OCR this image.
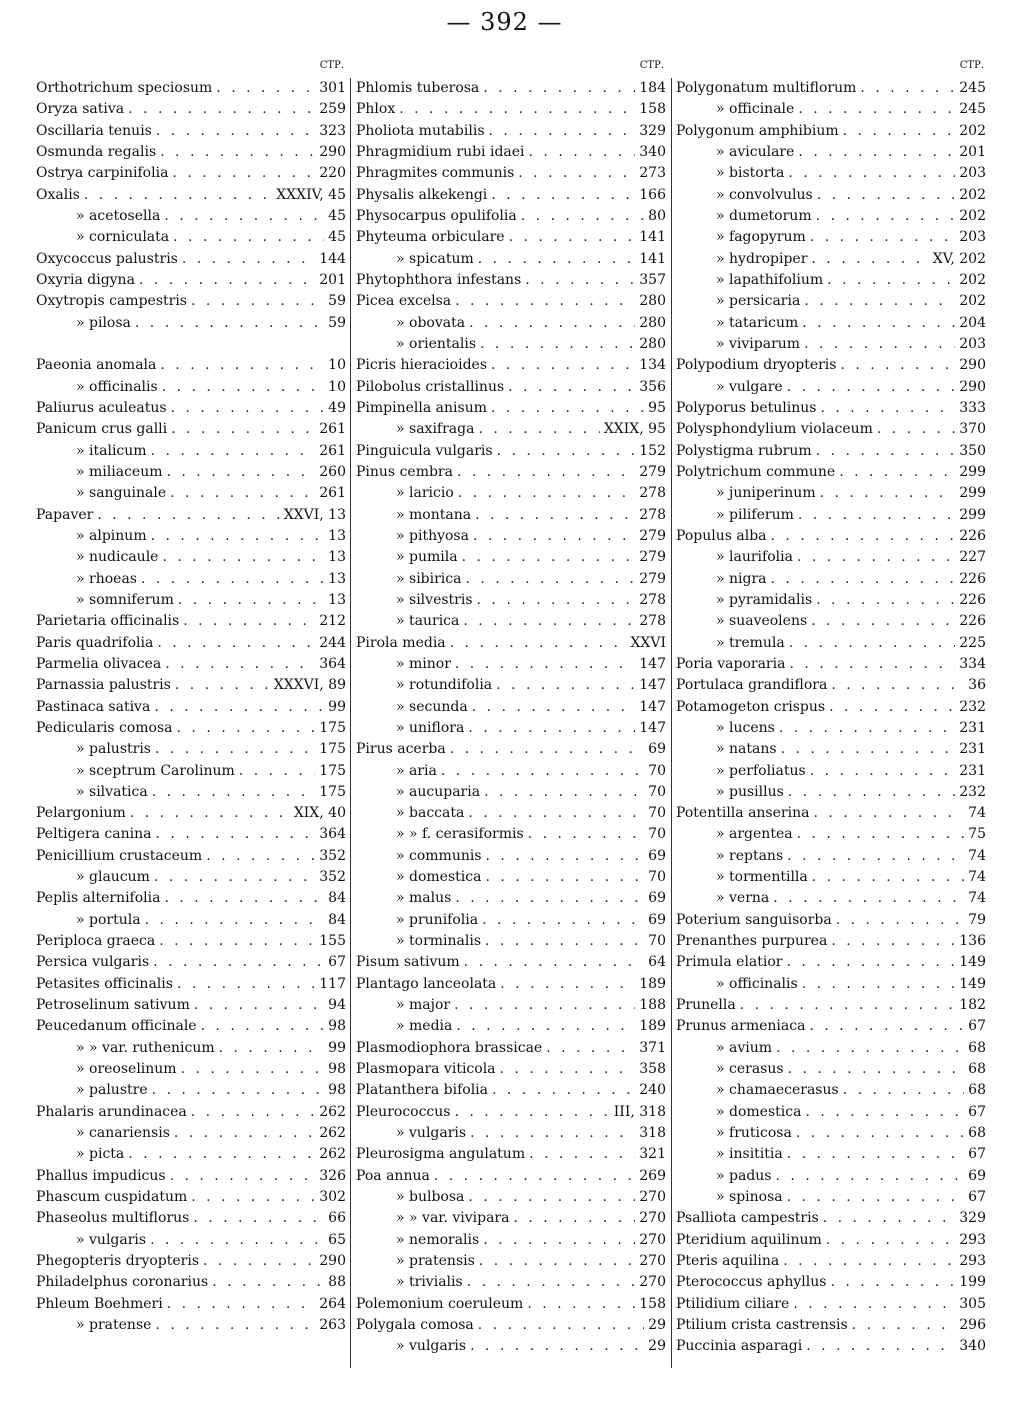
— 392 —
СТР.
Orthotrichum speciosum . . .	301
Oryza sativa . . .	259
Oscillaria tenuis . . .	323
Osmunda regalis . . .	290
Ostrya carpinifolia . . .	220
Oxalis . . .	XXXIV, 45
» acetosella . . .	45
» corniculata . . .	45
Oxycoccus palustris . . .	144
Oxyria digyna . . .	201
Oxytropis campestris . . .	59
» pilosa . . .	59
Paeonia anomala . . .	10
» officinalis . . .	10
Paliurus aculeatus . . .	49
Panicum crus galli . . .	261
» italicum . . .	261
» miliaceum . . .	260
» sanguinale . . .	261
Papaver . . .	XXVI, 13
» alpinum . . .	13
» nudicaule . . .	13
» rhoeas . . .	13
» somniferum . . .	13
Parietaria officinalis . . .	212
Paris quadrifolia . . .	244
Parmelia olivacea . . .	364
Parnassia palustris . . .	XXXVI, 89
Pastinaca sativa . . .	99
Pedicularis comosa . . .	175
» palustris . . .	175
» sceptrum Carolinum . . .	175
» silvatica . . .	175
Pelargonium . . .	XIX, 40
Peltigera canina . . .	364
Penicillium crustaceum . . .	352
» glaucum . . .	352
Peplis alternifolia . . .	84
» portula . . .	84
Periploca graeca . . .	155
Persica vulgaris . . .	67
Petasites officinalis . . .	117
Petroselinum sativum . . .	94
Peucedanum officinale . . .	98
» » var. ruthenicum . . .	99
» oreoselinum . . .	98
» palustre . . .	98
Phalaris arundinacea . . .	262
» canariensis . . .	262
» picta . . .	262
Phallus impudicus . . .	326
Phascum cuspidatum . . .	302
Phaseolus multiflorus . . .	66
» vulgaris . . .	65
Phegopteris dryopteris . . .	290
Philadelphus coronarius . . .	88
Phleum Boehmeri . . .	264
» pratense . . .	263
СТР.
Phlomis tuberosa . . .	184
Phlox . . .	158
Pholiota mutabilis . . .	329
Phragmidium rubi idaei . . .	340
Phragmites communis . . .	273
Physalis alkekengi . . .	166
Physocarpus opulifolia . . .	80
Phyteuma orbiculare . . .	141
» spicatum . . .	141
Phytophthora infestans . . .	357
Picea excelsa . . .	280
» obovata . . .	280
» orientalis . . .	280
Picris hieracioides . . .	134
Pilobolus cristallinus . . .	356
Pimpinella anisum . . .	95
» saxifraga . . .	XXIX, 95
Pinguicula vulgaris . . .	152
Pinus cembra . . .	279
» laricio . . .	278
» montana . . .	278
» pithyosa . . .	279
» pumila . . .	279
» sibirica . . .	279
» silvestris . . .	278
» taurica . . .	278
Pirola media . . .	XXVI
» minor . . .	147
» rotundifolia . . .	147
» secunda . . .	147
» uniflora . . .	147
Pirus acerba . . .	69
» aria . . .	70
» aucuparia . . .	70
» baccata . . .	70
» » f. cerasiformis . . .	70
» communis . . .	69
» domestica . . .	70
» malus . . .	69
» prunifolia . . .	69
» torminalis . . .	70
Pisum sativum . . .	64
Plantago lanceolata . . .	189
» major . . .	188
» media . . .	189
Plasmodiophora brassicae . . .	371
Plasmopara viticola . . .	358
Platanthera bifolia . . .	240
Pleurococcus . . .	III, 318
» vulgaris . . .	318
Pleurosigma angulatum . . .	321
Poa annua . . .	269
» bulbosa . . .	270
» » var. vivipara . . .	270
» nemoralis . . .	270
» pratensis . . .	270
» trivialis . . .	270
Polemonium coeruleum . . .	158
Polygala comosa . . .	29
» vulgaris . . .	29
СТР.
Polygonatum multiflorum . . .	245
» officinale . . .	245
Polygonum amphibium . . .	202
» aviculare . . .	201
» bistorta . . .	203
» convolvulus . . .	202
» dumetorum . . .	202
» fagopyrum . . .	203
» hydropiper . . .	XV, 202
» lapathifolium . . .	202
» persicaria . . .	202
» tataricum . . .	204
» viviparum . . .	203
Polypodium dryopteris . . .	290
» vulgare . . .	290
Polyporus betulinus . . .	333
Polysphondylium violaceum . . .	370
Polystigma rubrum . . .	350
Polytrichum commune . . .	299
» juniperinum . . .	299
» piliferum . . .	299
Populus alba . . .	226
» laurifolia . . .	227
» nigra . . .	226
» pyramidalis . . .	226
» suaveolens . . .	226
» tremula . . .	225
Poria vaporaria . . .	334
Portulaca grandiflora . . .	36
Potamogeton crispus . . .	232
» lucens . . .	231
» natans . . .	231
» perfoliatus . . .	231
» pusillus . . .	232
Potentilla anserina . . .	74
» argentea . . .	75
» reptans . . .	74
» tormentilla . . .	74
» verna . . .	74
Poterium sanguisorba . . .	79
Prenanthes purpurea . . .	136
Primula elatior . . .	149
» officinalis . . .	149
Prunella . . .	182
Prunus armeniaca . . .	67
» avium . . .	68
» cerasus . . .	68
» chamaecerasus . . .	68
» domestica . . .	67
» fruticosa . . .	68
» insititia . . .	67
» padus . . .	69
» spinosa . . .	67
Psalliota campestris . . .	329
Pteridium aquilinum . . .	293
Pteris aquilina . . .	293
Pterococcus aphyllus . . .	199
Ptilidium ciliare . . .	305
Ptilium crista castrensis . . .	296
Puccinia asparagi . . .	340
